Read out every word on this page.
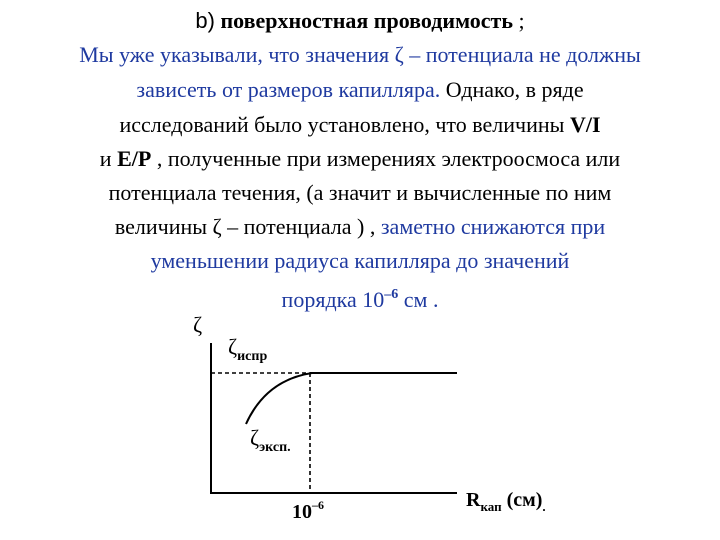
b) поверхностная проводимость ;
Мы уже указывали, что значения ζ – потенциала не должны
зависеть от размеров капилляра. Однако, в ряде
исследований было установлено, что величины V/I
и E/P , полученные при измерениях электроосмоса или
потенциала течения, (а значит и вычисленные по ним
величины ζ – потенциала ) , заметно снижаются при
уменьшении радиуса капилляра до значений
порядка $10^{-6}$ см .
ζ
$\zeta_{испр}$
$\zeta_{эксп.}$
$10^{-6}$	$R_{кап}$ $(см)_.$
